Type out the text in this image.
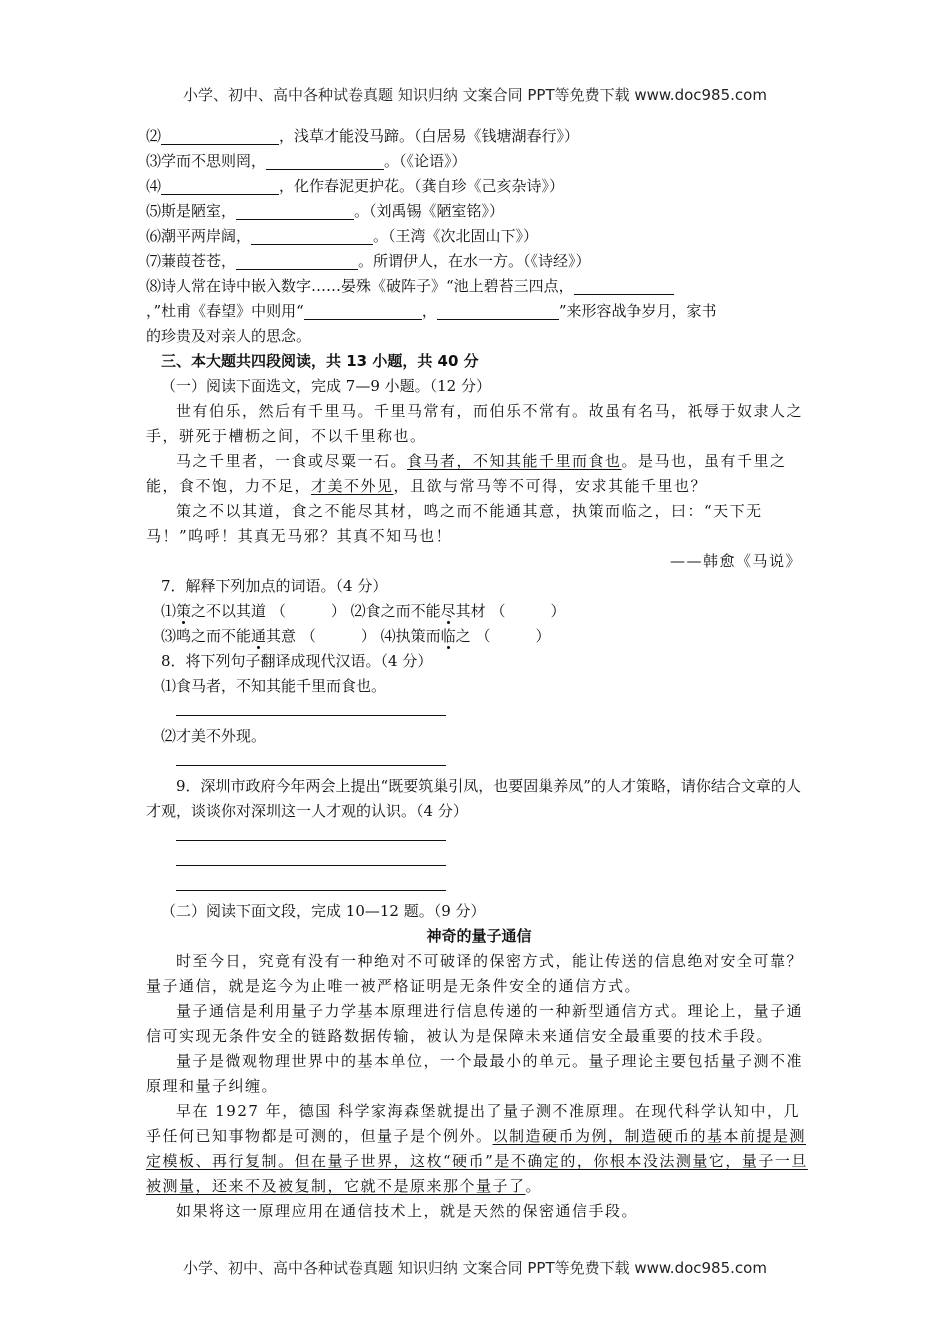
小学、初中、高中各种试卷真题 知识归纳 文案合同 PPT等免费下载 www.doc985.com
⑵	，浅草才能没马蹄。（白居易《钱塘湖春行》）
⑶学而不思则罔，	。（《论语》）
⑷	，化作春泥更护花。（龚自珍《己亥杂诗》）
⑸斯是陋室，	。（刘禹锡《陋室铭》）
⑹潮平两岸阔，	。（王湾《次北固山下》）
⑺蒹葭苍苍，	。所谓伊人，在水一方。（《诗经》）
⑻诗人常在诗中嵌入数字……晏殊《破阵子》“池上碧苔三四点，
，”杜甫《春望》中则用“	，	”来形容战争岁月，家书
的珍贵及对亲人的思念。
三、本大题共四段阅读，共 13 小题，共 40 分
（一）阅读下面选文，完成 7—9 小题。（12 分）
世有伯乐，然后有千里马。千里马常有，而伯乐不常有。故虽有名马，祇辱于奴隶人之手，骈死于槽枥之间，不以千里称也。
马之千里者，一食或尽粟一石。食马者，不知其能千里而食也。是马也，虽有千里之能，食不饱，力不足，才美不外见，且欲与常马等不可得，安求其能千里也？
策之不以其道，食之不能尽其材，鸣之而不能通其意，执策而临之，曰：“天下无马！”呜呼！其真无马邪？其真不知马也！
——韩愈《马说》
7．解释下列加点的词语。（4 分）
⑴策之不以其道 （　　　） ⑵食之而不能尽其材 （　　　）
⑶鸣之而不能通其意 （　　　） ⑷执策而临之 （　　　）
8．将下列句子翻译成现代汉语。（4 分）
⑴食马者，不知其能千里而食也。
⑵才美不外现。
9．深圳市政府今年两会上提出“既要筑巢引凤，也要固巢养凤”的人才策略，请你结合文章的人才观，谈谈你对深圳这一人才观的认识。（4 分）
（二）阅读下面文段，完成 10—12 题。（9 分）
神奇的量子通信
时至今日，究竟有没有一种绝对不可破译的保密方式，能让传送的信息绝对安全可靠？量子通信，就是迄今为止唯一被严格证明是无条件安全的通信方式。
量子通信是利用量子力学基本原理进行信息传递的一种新型通信方式。理论上，量子通信可实现无条件安全的链路数据传输，被认为是保障未来通信安全最重要的技术手段。
量子是微观物理世界中的基本单位，一个最最小的单元。量子理论主要包括量子测不准原理和量子纠缠。
早在 1927 年，德国 科学家海森堡就提出了量子测不准原理。在现代科学认知中，几乎任何已知事物都是可测的，但量子是个例外。以制造硬币为例，制造硬币的基本前提是测定模板、再行复制。但在量子世界，这枚“硬币”是不确定的，你根本没法测量它，量子一旦被测量，还来不及被复制，它就不是原来那个量子了。
如果将这一原理应用在通信技术上，就是天然的保密通信手段。
小学、初中、高中各种试卷真题 知识归纳 文案合同 PPT等免费下载 www.doc985.com
